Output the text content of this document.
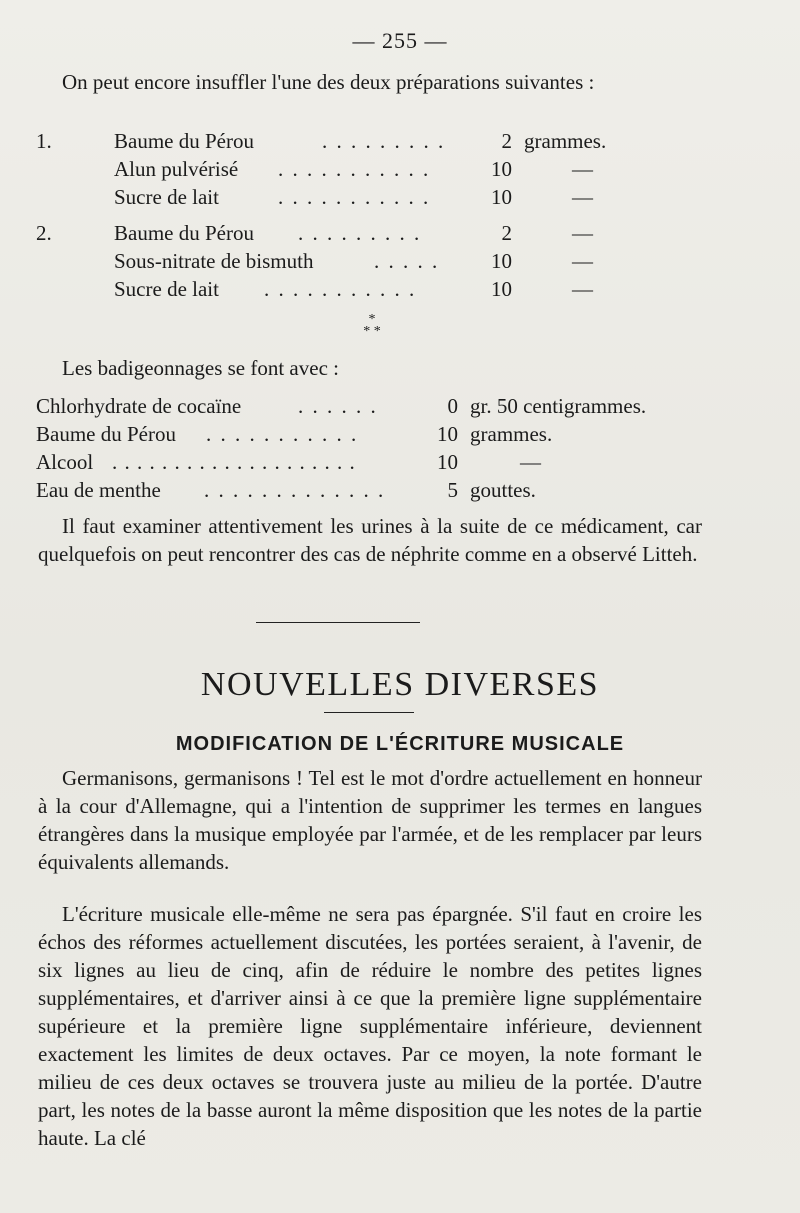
— 255 —
On peut encore insuffler l'une des deux préparations suivantes :
1.	Baume du Pérou	. . . . . . . . .	2 grammes.
Alun pulvérisé . . . . . . . . . . .	10	—
Sucre de lait	. . . . . . . . . . .	10	—
2.	Baume du Pérou . . . . . . . . .	2	—
Sous-nitrate de bismuth	. . . . .	10	—
Sucre de lait . . . . . . . . . . .	10	—
*
* *
Les badigeonnages se font avec :
Chlorhydrate de cocaïne	. . . . . .	0 gr. 50 centigrammes.
Baume du Pérou . . . . . . . . . . .	10 grammes.
Alcool . . . . . . . . . . . . . . . . . . . .	10	—
Eau de menthe . . . . . . . . . . . . .	5 gouttes.
Il faut examiner attentivement les urines à la suite de ce médicament, car quelquefois on peut rencontrer des cas de néphrite comme en a observé Litteh.
NOUVELLES DIVERSES
MODIFICATION DE L'ÉCRITURE MUSICALE
Germanisons, germanisons ! Tel est le mot d'ordre actuellement en honneur à la cour d'Allemagne, qui a l'intention de supprimer les termes en langues étrangères dans la musique employée par l'armée, et de les remplacer par leurs équivalents allemands.
L'écriture musicale elle-même ne sera pas épargnée. S'il faut en croire les échos des réformes actuellement discutées, les portées seraient, à l'avenir, de six lignes au lieu de cinq, afin de réduire le nombre des petites lignes supplémentaires, et d'arriver ainsi à ce que la première ligne supplémentaire supérieure et la première ligne supplémentaire inférieure, deviennent exactement les limites de deux octaves. Par ce moyen, la note formant le milieu de ces deux octaves se trouvera juste au milieu de la portée. D'autre part, les notes de la basse auront la même disposition que les notes de la partie haute. La clé
